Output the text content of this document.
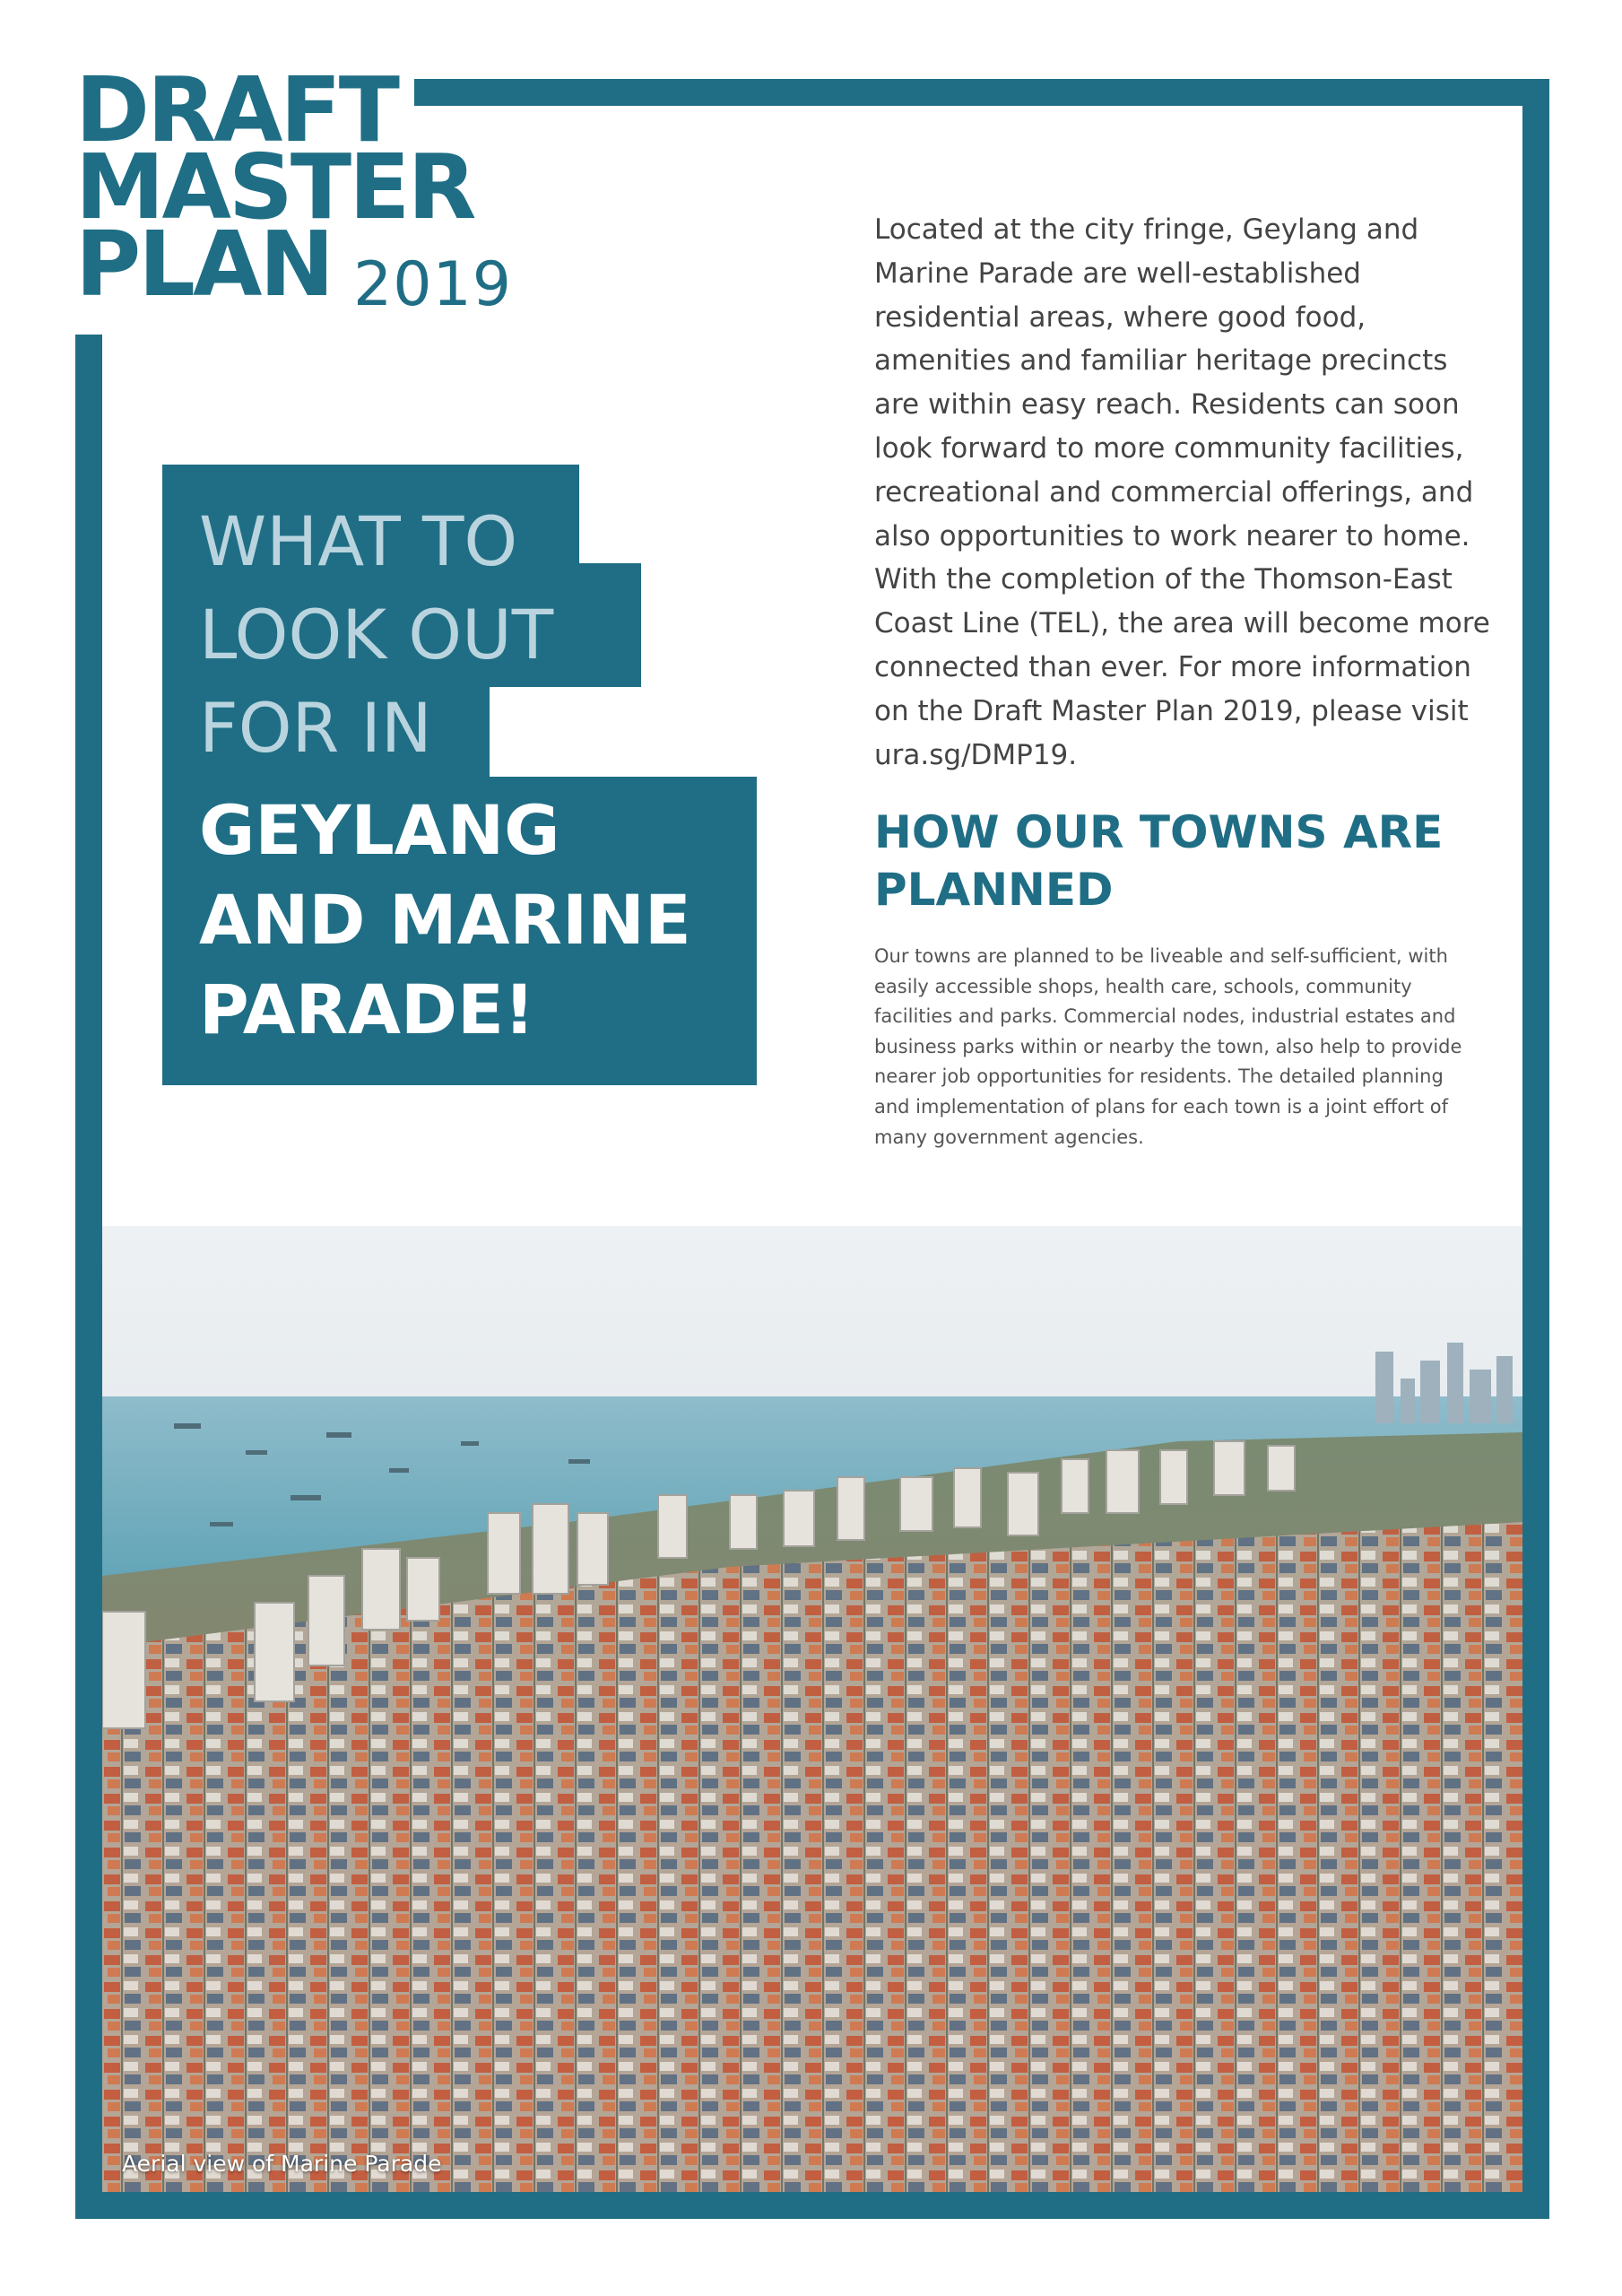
DRAFT
MASTER
PLAN 2019
WHAT TO
LOOK OUT
FOR IN
GEYLANG
AND MARINE
PARADE!

Located at the city fringe, Geylang and Marine Parade are well-established residential areas, where good food, amenities and familiar heritage precincts are within easy reach. Residents can soon look forward to more community facilities, recreational and commercial offerings, and also opportunities to work nearer to home. With the completion of the Thomson-East Coast Line (TEL), the area will become more connected than ever. For more information on the Draft Master Plan 2019, please visit ura.sg/DMP19.

HOW OUR TOWNS ARE PLANNED

Our towns are planned to be liveable and self-sufficient, with easily accessible shops, health care, schools, community facilities and parks. Commercial nodes, industrial estates and business parks within or nearby the town, also help to provide nearer job opportunities for residents. The detailed planning and implementation of plans for each town is a joint effort of many government agencies.

Aerial view of Marine Parade
